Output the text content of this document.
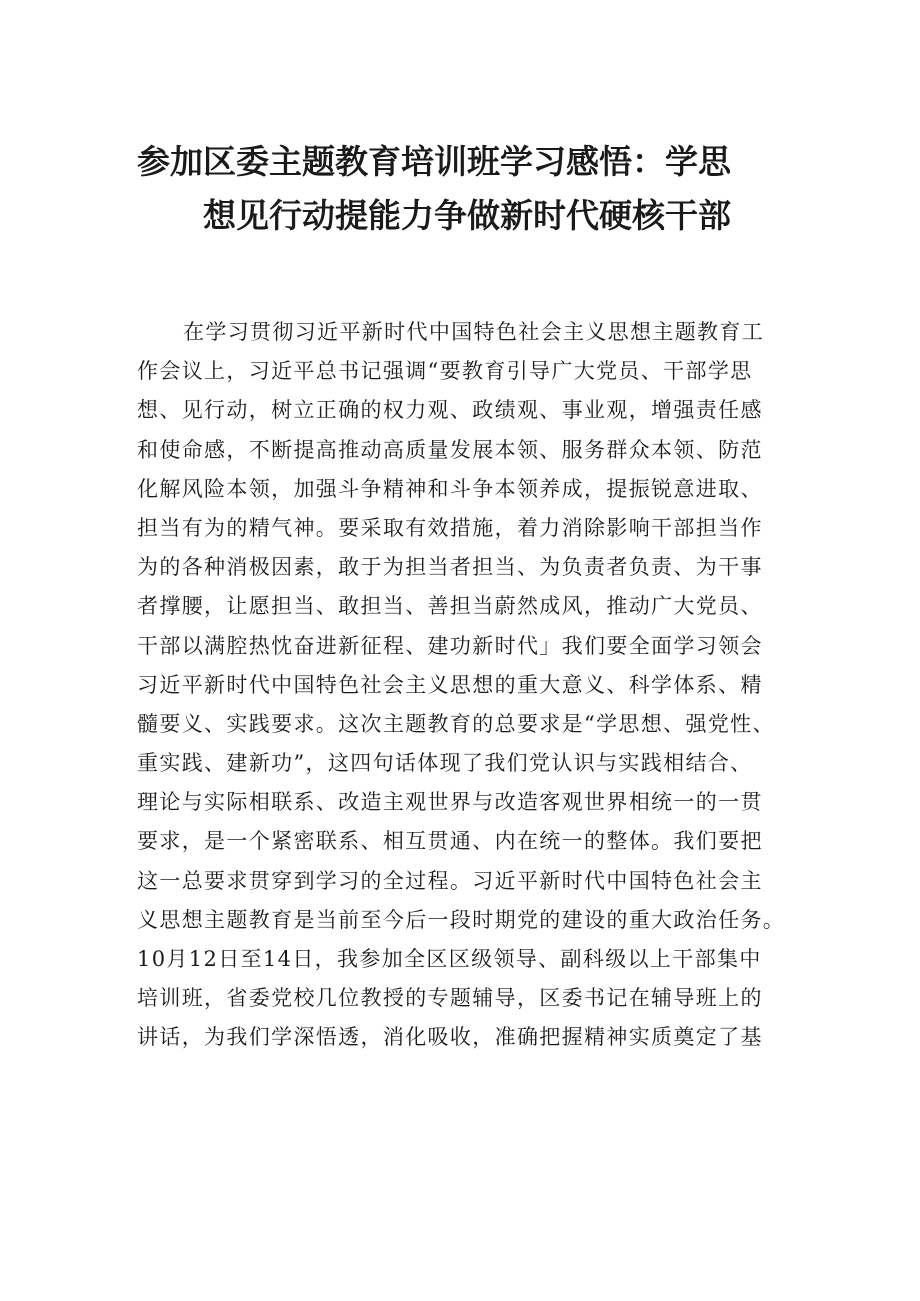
参加区委主题教育培训班学习感悟：学思
想见行动提能力争做新时代硬核干部
在学习贯彻习近平新时代中国特色社会主义思想主题教育工
作会议上，习近平总书记强调“要教育引导广大党员、干部学思
想、见行动，树立正确的权力观、政绩观、事业观，增强责任感
和使命感，不断提高推动高质量发展本领、服务群众本领、防范
化解风险本领，加强斗争精神和斗争本领养成，提振锐意进取、
担当有为的精气神。要采取有效措施，着力消除影响干部担当作
为的各种消极因素，敢于为担当者担当、为负责者负责、为干事
者撑腰，让愿担当、敢担当、善担当蔚然成风，推动广大党员、
干部以满腔热忱奋进新征程、建功新时代」我们要全面学习领会
习近平新时代中国特色社会主义思想的重大意义、科学体系、精
髓要义、实践要求。这次主题教育的总要求是“学思想、强党性、
重实践、建新功”，这四句话体现了我们党认识与实践相结合、
理论与实际相联系、改造主观世界与改造客观世界相统一的一贯
要求，是一个紧密联系、相互贯通、内在统一的整体。我们要把
这一总要求贯穿到学习的全过程。习近平新时代中国特色社会主
义思想主题教育是当前至今后一段时期党的建设的重大政治任务。
10月12日至14日，我参加全区区级领导、副科级以上干部集中
培训班，省委党校几位教授的专题辅导，区委书记在辅导班上的
讲话，为我们学深悟透，消化吸收，准确把握精神实质奠定了基
